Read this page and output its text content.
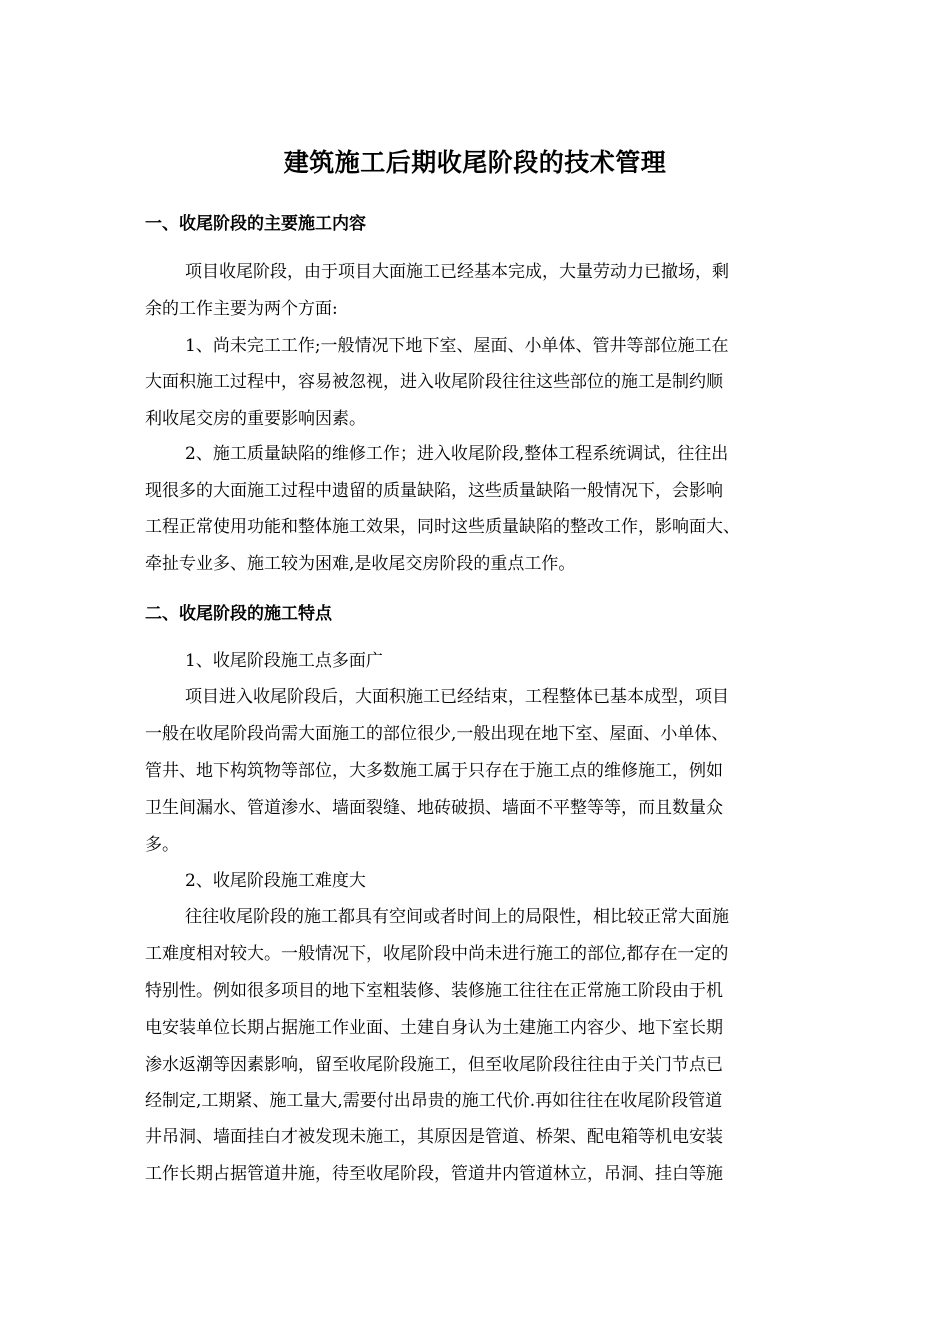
建筑施工后期收尾阶段的技术管理
一、收尾阶段的主要施工内容
项目收尾阶段，由于项目大面施工已经基本完成，大量劳动力已撤场，剩
余的工作主要为两个方面:
1、尚未完工工作;一般情况下地下室、屋面、小单体、管井等部位施工在
大面积施工过程中，容易被忽视，进入收尾阶段往往这些部位的施工是制约顺
利收尾交房的重要影响因素。
2、施工质量缺陷的维修工作；进入收尾阶段,整体工程系统调试，往往出
现很多的大面施工过程中遗留的质量缺陷，这些质量缺陷一般情况下，会影响
工程正常使用功能和整体施工效果，同时这些质量缺陷的整改工作，影响面大、
牵扯专业多、施工较为困难,是收尾交房阶段的重点工作。
二、收尾阶段的施工特点
1、收尾阶段施工点多面广
项目进入收尾阶段后，大面积施工已经结束，工程整体已基本成型，项目
一般在收尾阶段尚需大面施工的部位很少,一般出现在地下室、屋面、小单体、
管井、地下构筑物等部位，大多数施工属于只存在于施工点的维修施工，例如
卫生间漏水、管道渗水、墙面裂缝、地砖破损、墙面不平整等等，而且数量众
多。
2、收尾阶段施工难度大
往往收尾阶段的施工都具有空间或者时间上的局限性，相比较正常大面施
工难度相对较大。一般情况下，收尾阶段中尚未进行施工的部位,都存在一定的
特别性。例如很多项目的地下室粗装修、装修施工往往在正常施工阶段由于机
电安装单位长期占据施工作业面、土建自身认为土建施工内容少、地下室长期
渗水返潮等因素影响，留至收尾阶段施工，但至收尾阶段往往由于关门节点已
经制定,工期紧、施工量大,需要付出昂贵的施工代价.再如往往在收尾阶段管道
井吊洞、墙面挂白才被发现未施工，其原因是管道、桥架、配电箱等机电安装
工作长期占据管道井施，待至收尾阶段，管道井内管道林立，吊洞、挂白等施
